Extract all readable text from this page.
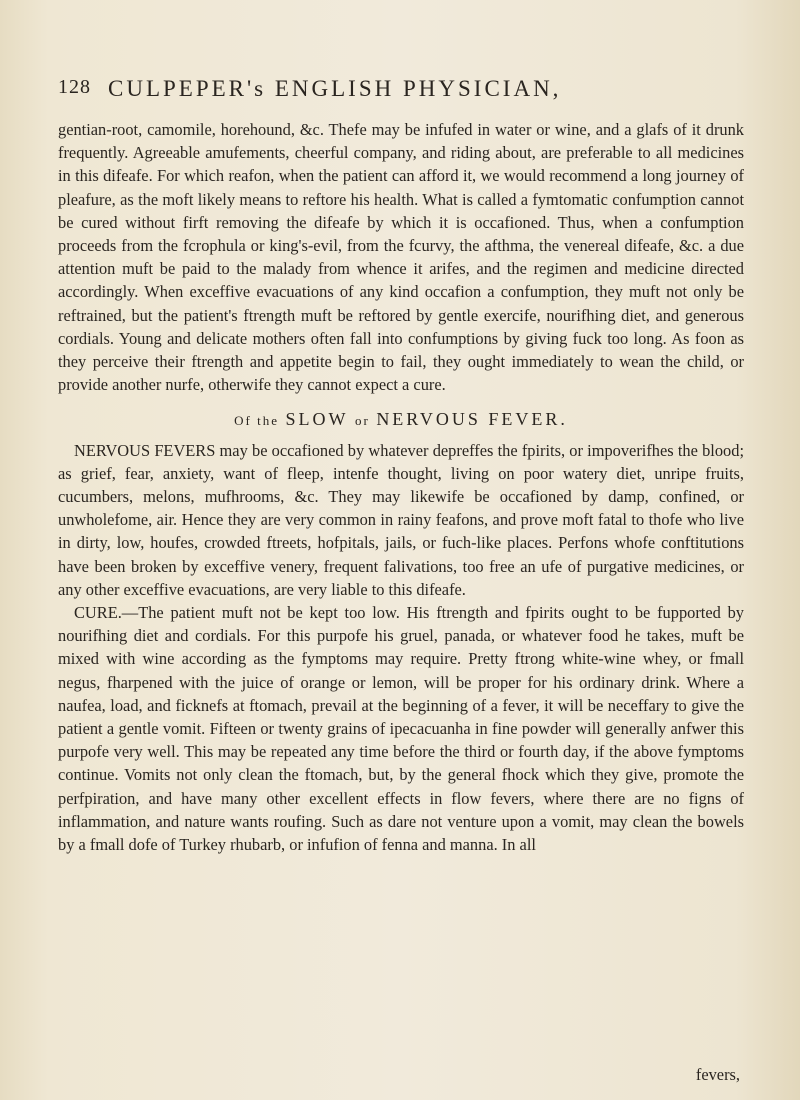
128 CULPEPER's ENGLISH PHYSICIAN,

gentian-root, camomile, horehound, &c. Thefe may be infufed in water or wine, and a glafs of it drunk frequently. Agreeable amufements, cheerful company, and riding about, are preferable to all medicines in this difeafe. For which reafon, when the patient can afford it, we would recommend a long journey of pleafure, as the moft likely means to reftore his health. What is called a fymtomatic confumption cannot be cured without firft removing the difeafe by which it is occafioned. Thus, when a confumption proceeds from the fcrophula or king's-evil, from the fcurvy, the afthma, the venereal difeafe, &c. a due attention muft be paid to the malady from whence it arifes, and the regimen and medicine directed accordingly. When exceffive evacuations of any kind occafion a confumption, they muft not only be reftrained, but the patient's ftrength muft be reftored by gentle exercife, nourifhing diet, and generous cordials. Young and delicate mothers often fall into confumptions by giving fuck too long. As foon as they perceive their ftrength and appetite begin to fail, they ought immediately to wean the child, or provide another nurfe, otherwife they cannot expect a cure.

Of the SLOW or NERVOUS FEVER.

NERVOUS FEVERS may be occafioned by whatever depreffes the fpirits, or impoverifhes the blood; as grief, fear, anxiety, want of fleep, intenfe thought, living on poor watery diet, unripe fruits, cucumbers, melons, mufhrooms, &c. They may likewife be occafioned by damp, confined, or unwholefome, air. Hence they are very common in rainy feafons, and prove moft fatal to thofe who live in dirty, low, houfes, crowded ftreets, hofpitals, jails, or fuch-like places. Perfons whofe conftitutions have been broken by exceffive venery, frequent falivations, too free an ufe of purgative medicines, or any other exceffive evacuations, are very liable to this difeafe.

CURE.—The patient muft not be kept too low. His ftrength and fpirits ought to be fupported by nourifhing diet and cordials. For this purpofe his gruel, panada, or whatever food he takes, muft be mixed with wine according as the fymptoms may require. Pretty ftrong white-wine whey, or fmall negus, fharpened with the juice of orange or lemon, will be proper for his ordinary drink. Where a naufea, load, and ficknefs at ftomach, prevail at the beginning of a fever, it will be neceffary to give the patient a gentle vomit. Fifteen or twenty grains of ipecacuanha in fine powder will generally anfwer this purpofe very well. This may be repeated any time before the third or fourth day, if the above fymptoms continue. Vomits not only clean the ftomach, but, by the general fhock which they give, promote the perfpiration, and have many other excellent effects in flow fevers, where there are no figns of inflammation, and nature wants roufing. Such as dare not venture upon a vomit, may clean the bowels by a fmall dofe of Turkey rhubarb, or infufion of fenna and manna. In all

fevers,
